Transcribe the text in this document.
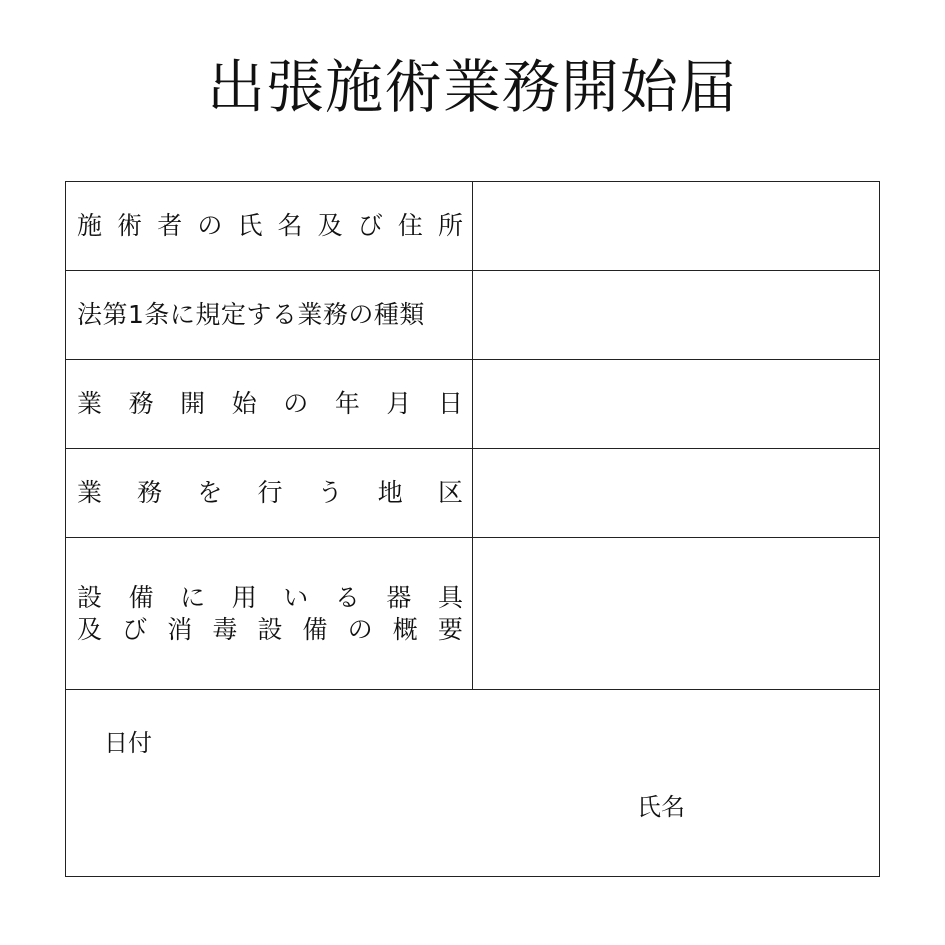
出張施術業務開始届
施 術 者 の 氏 名 及 び 住 所
法第1条に規定する業務の種類
業 務 開 始 の 年 月 日
業 務 を 行 う 地 区
設 備 に 用 い る 器 具
及 び 消 毒 設 備 の 概 要
日付
氏名
